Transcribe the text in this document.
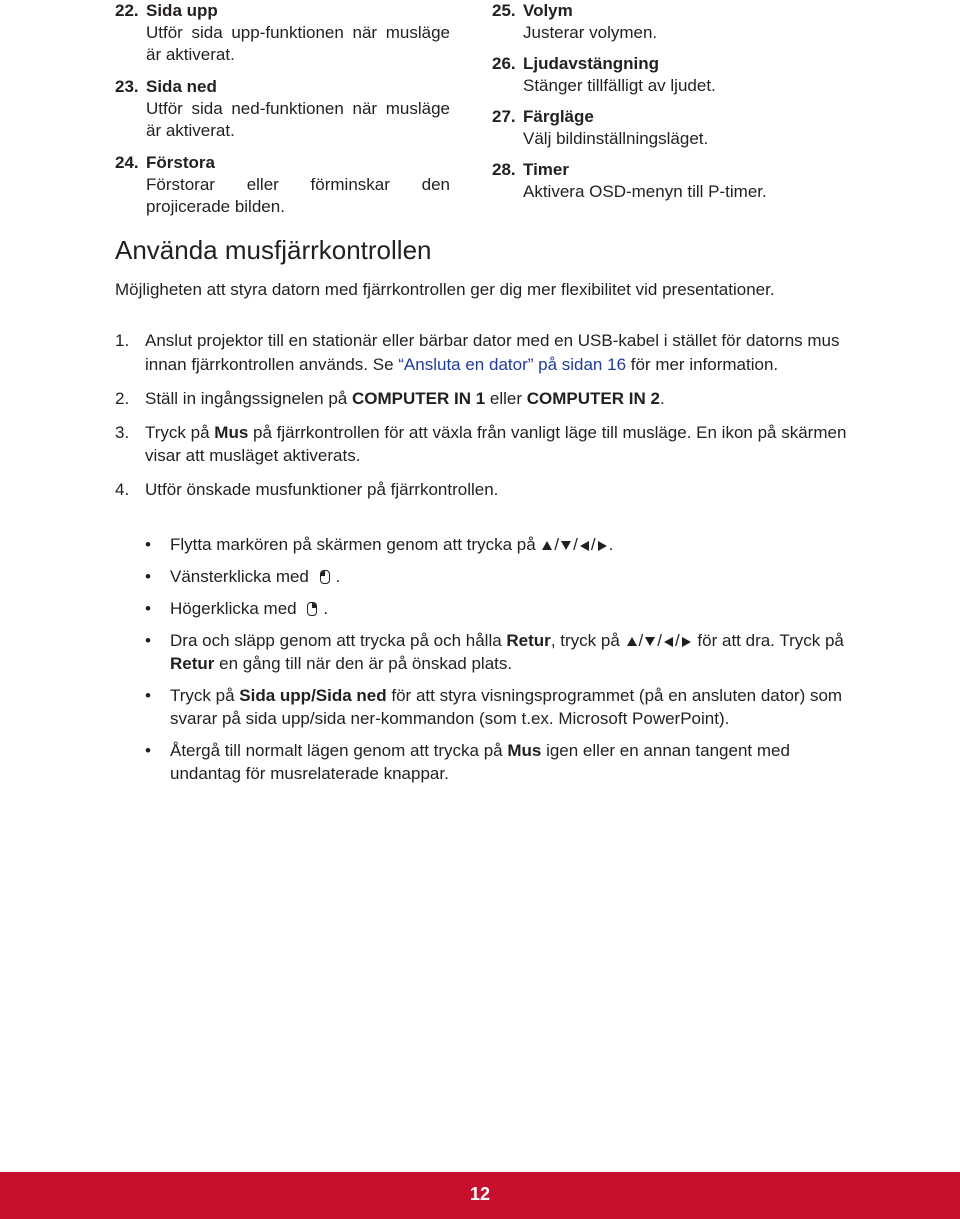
22. Sida upp
Utför sida upp-funktionen när musläge är aktiverat.
23. Sida ned
Utför sida ned-funktionen när musläge är aktiverat.
24. Förstora
Förstorar eller förminskar den projicerade bilden.
25. Volym
Justerar volymen.
26. Ljudavstängning
Stänger tillfälligt av ljudet.
27. Färgläge
Välj bildinställningsläget.
28. Timer
Aktivera OSD-menyn till P-timer.
Använda musfjärrkontrollen

Möjligheten att styra datorn med fjärrkontrollen ger dig mer flexibilitet vid presentationer.

1. Anslut projektor till en stationär eller bärbar dator med en USB-kabel i stället för datorns mus innan fjärrkontrollen används. Se “Ansluta en dator” på sidan 16 för mer information.
2. Ställ in ingångssignelen på COMPUTER IN 1 eller COMPUTER IN 2.
3. Tryck på Mus på fjärrkontrollen för att växla från vanligt läge till musläge. En ikon på skärmen visar att musläget aktiverats.
4. Utför önskade musfunktioner på fjärrkontrollen.
• Flytta markören på skärmen genom att trycka på / / / .
• Vänsterklicka med
.
• Högerklicka med
.
• Dra och släpp genom att trycka på och hålla Retur, tryck på / / / för att dra. Tryck på Retur en gång till när den är på önskad plats.
• Tryck på Sida upp/Sida ned för att styra visningsprogrammet (på en ansluten dator) som svarar på sida upp/sida ner-kommandon (som t.ex. Microsoft PowerPoint).
• Återgå till normalt lägen genom att trycka på Mus igen eller en annan tangent med undantag för musrelaterade knappar.
12
